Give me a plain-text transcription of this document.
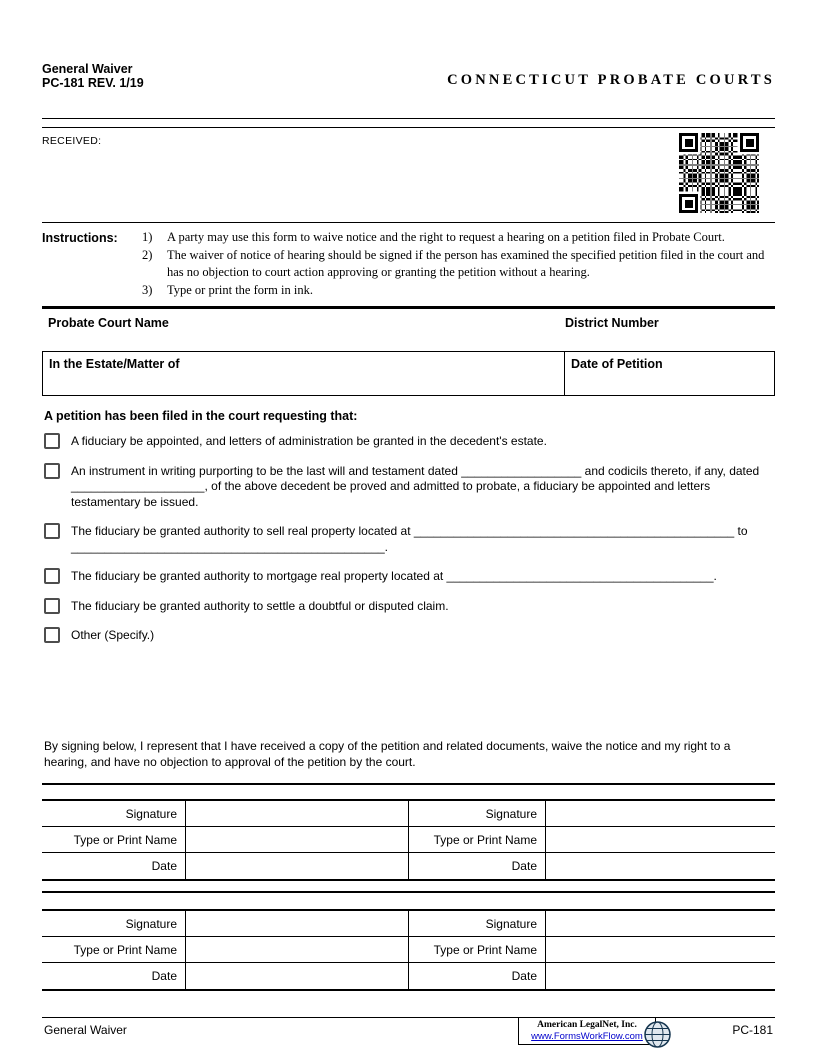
General Waiver
PC-181 REV. 1/19	CONNECTICUT PROBATE COURTS
RECEIVED:
Instructions:	1)	A party may use this form to waive notice and the right to request a hearing on a petition filed in Probate Court.
2)	The waiver of notice of hearing should be signed if the person has examined the specified petition filed in the court and has no objection to court action approving or granting the petition without a hearing.
3)	Type or print the form in ink.
Probate Court Name	District Number
In the Estate/Matter of	Date of Petition
A petition has been filed in the court requesting that:
A fiduciary be appointed, and letters of administration be granted in the decedent's estate.
An instrument in writing purporting to be the last will and testament dated __________________ and codicils thereto, if any, dated ____________________, of the above decedent be proved and admitted to probate, a fiduciary be appointed and letters testamentary be issued.
The fiduciary be granted authority to sell real property located at ________________________________________________ to _______________________________________________.
The fiduciary be granted authority to mortgage real property located at ________________________________________.
The fiduciary be granted authority to settle a doubtful or disputed claim.
Other (Specify.)
By signing below, I represent that I have received a copy of the petition and related documents, waive the notice and my right to a hearing, and have no objection to approval of the petition by the court.
Signature	Signature
Type or Print Name	Type or Print Name
Date	Date
Signature	Signature
Type or Print Name	Type or Print Name
Date	Date
General Waiver	PC-181
American LegalNet, Inc.
www.FormsWorkFlow.com
